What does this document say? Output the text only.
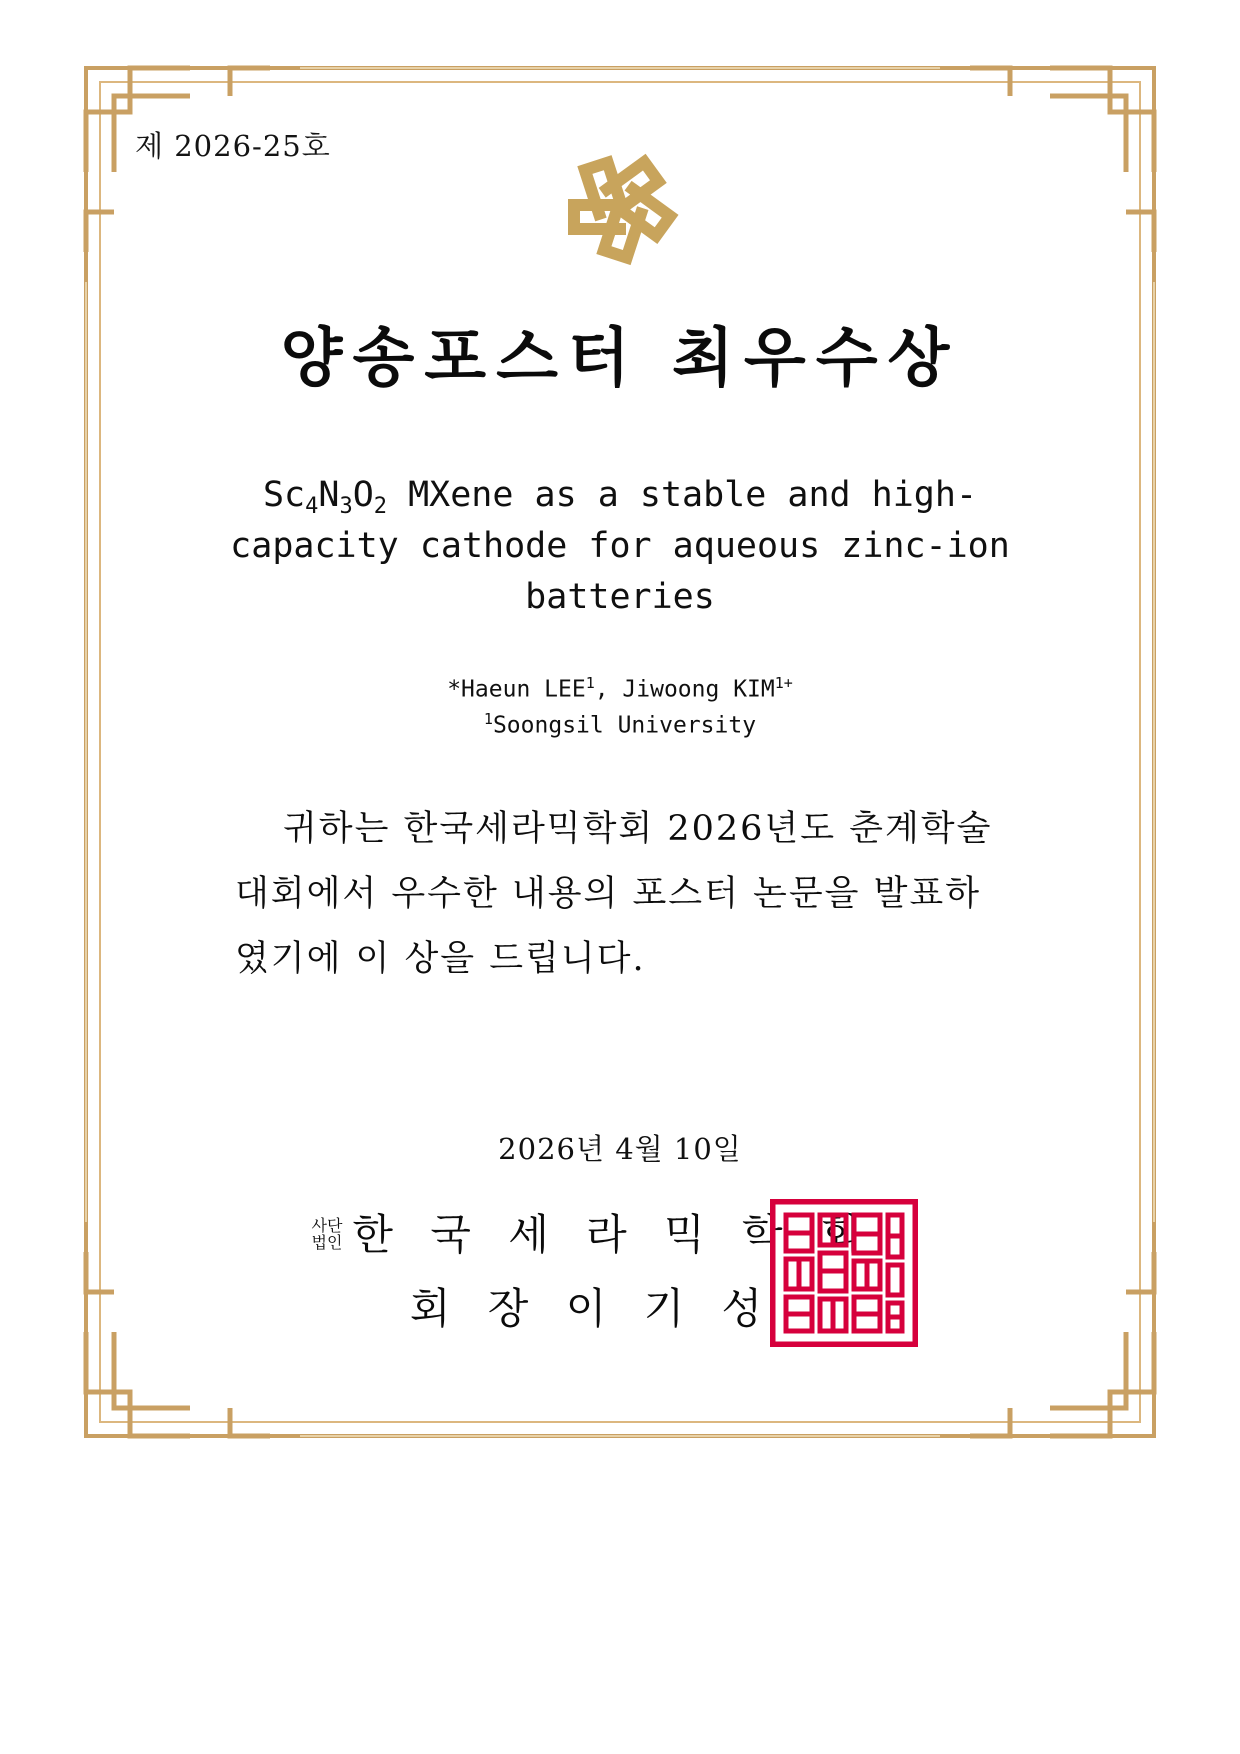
제 2026-25호
양송포스터 최우수상
$Sc_4N_3O_2$ MXene as a stable and high-capacity cathode for aqueous zinc-ion batteries
*Haeun LEE$^1$, Jiwoong $KIM^{1+}$
$^1$Soongsil University
귀하는 한국세라믹학회 2026년도 춘계학술대회에서 우수한 내용의 포스터 논문을 발표하였기에 이 상을 드립니다.
2026년 4월 10일
사단
법인 한 국 세 라 믹 학 회
회 장 이 기 성
